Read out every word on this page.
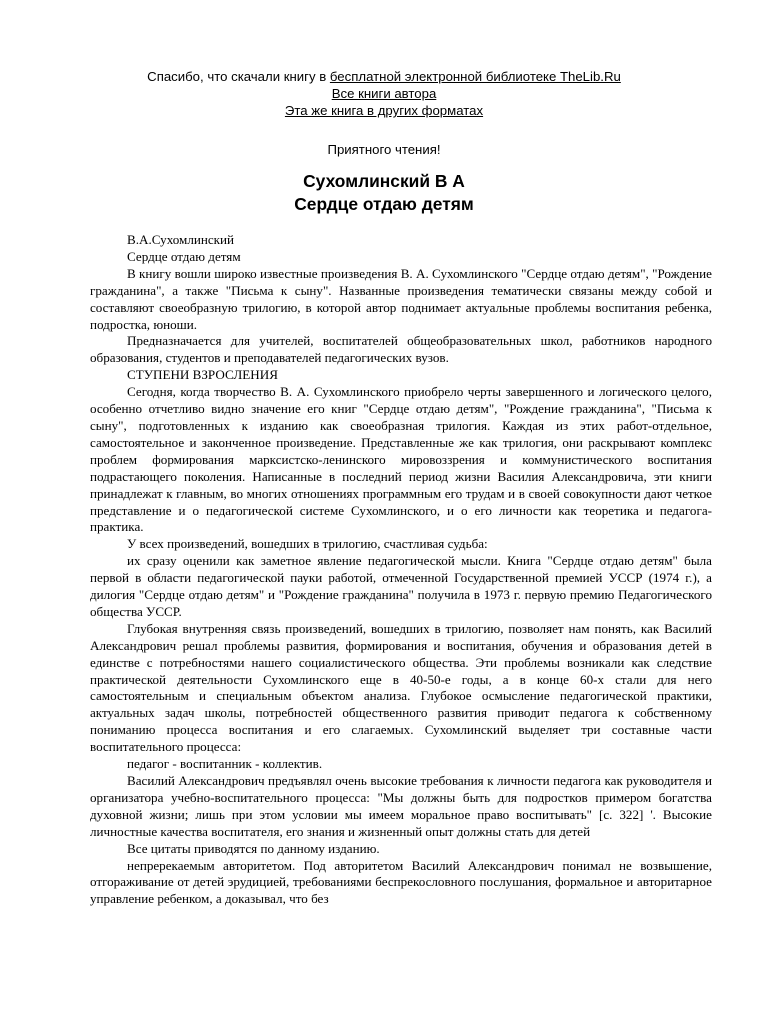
Спасибо, что скачали книгу в бесплатной электронной библиотеке TheLib.Ru
Все книги автора
Эта же книга в других форматах
Приятного чтения!
Сухомлинский В А
Сердце отдаю детям

В.А.Сухомлинский

Сердце отдаю детям

В книгу вошли широко известные произведения В. А. Сухомлинского "Сердце отдаю детям", "Рождение гражданина", а также "Письма к сыну". Названные произведения тематически связаны между собой и составляют своеобразную трилогию, в которой автор поднимает актуальные проблемы воспитания ребенка, подростка, юноши.

Предназначается для учителей, воспитателей общеобразовательных школ, работников народного образования, студентов и преподавателей педагогических вузов.

СТУПЕНИ ВЗРОСЛЕНИЯ

Сегодня, когда творчество В. А. Сухомлинского приобрело черты завершенного и логического целого, особенно отчетливо видно значение его книг "Сердце отдаю детям", "Рождение гражданина", "Письма к сыну", подготовленных к изданию как своеобразная трилогия. Каждая из этих работ-отдельное, самостоятельное и законченное произведение. Представленные же как трилогия, они раскрывают комплекс проблем формирования марксистско-ленинского мировоззрения и коммунистического воспитания подрастающего поколения. Написанные в последний период жизни Василия Александровича, эти книги принадлежат к главным, во многих отношениях программным его трудам и в своей совокупности дают четкое представление и о педагогической системе Сухомлинского, и о его личности как теоретика и педагога-практика.

У всех произведений, вошедших в трилогию, счастливая судьба:

их сразу оценили как заметное явление педагогической мысли. Книга "Сердце отдаю детям" была первой в области педагогической пауки работой, отмеченной Государственной премией УССР (1974 г.), а дилогия "Сердце отдаю детям" и "Рождение гражданина" получила в 1973 г. первую премию Педагогического общества УССР.

Глубокая внутренняя связь произведений, вошедших в трилогию, позволяет нам понять, как Василий Александрович решал проблемы развития, формирования и воспитания, обучения и образования детей в единстве с потребностями нашего социалистического общества. Эти проблемы возникали как следствие практической деятельности Сухомлинского еще в 40-50-е годы, а в конце 60-х стали для него самостоятельным и специальным объектом анализа. Глубокое осмысление педагогической практики, актуальных задач школы, потребностей общественного развития приводит педагога к собственному пониманию процесса воспитания и его слагаемых. Сухомлинский выделяет три составные части воспитательного процесса:

педагог - воспитанник - коллектив.

Василий Александрович предъявлял очень высокие требования к личности педагога как руководителя и организатора учебно-воспитательного процесса: "Мы должны быть для подростков примером богатства духовной жизни; лишь при этом условии мы имеем моральное право воспитывать" [с. 322] '. Высокие личностные качества воспитателя, его знания и жизненный опыт должны стать для детей

Все цитаты приводятся по данному изданию.

непререкаемым авторитетом. Под авторитетом Василий Александрович понимал не возвышение, отгораживание от детей эрудицией, требованиями беспрекословного послушания, формальное и авторитарное управление ребенком, а доказывал, что без
